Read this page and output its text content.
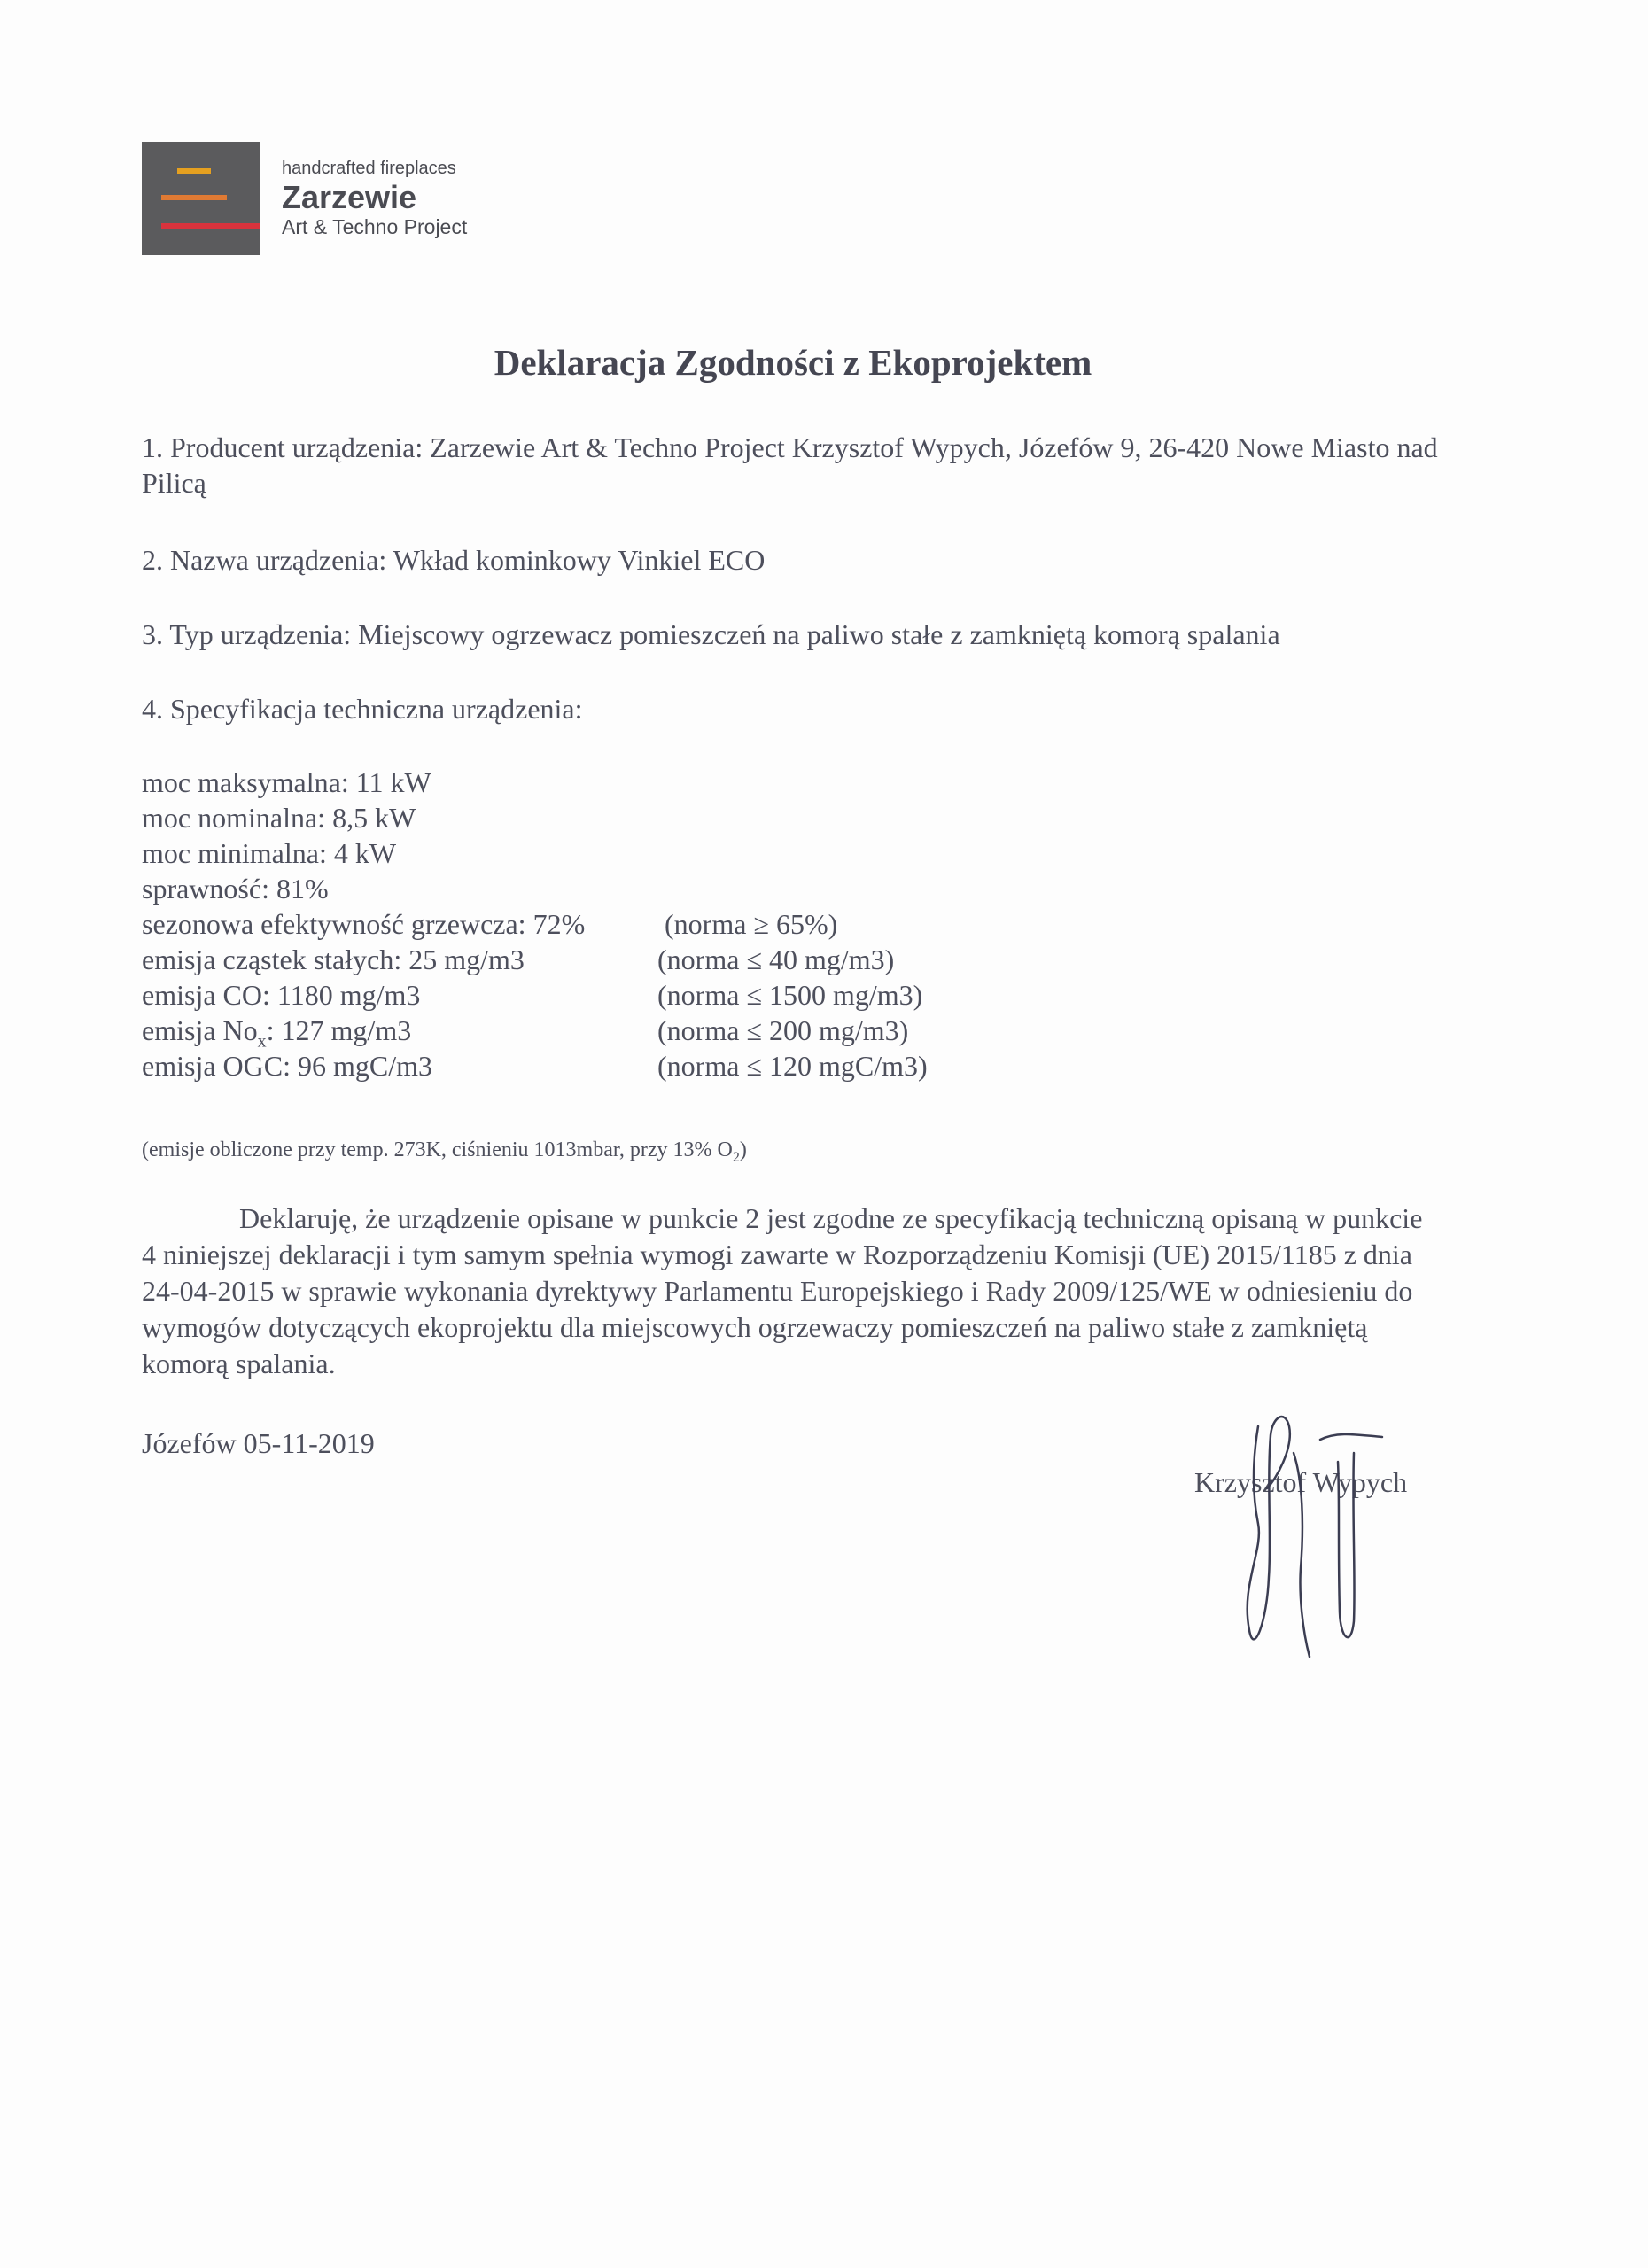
handcrafted fireplaces
Zarzewie
Art & Techno Project
Deklaracja Zgodności z Ekoprojektem

1. Producent urządzenia: Zarzewie Art & Techno Project Krzysztof Wypych, Józefów 9, 26-420 Nowe Miasto nad Pilicą

2. Nazwa urządzenia: Wkład kominkowy Vinkiel ECO

3. Typ urządzenia: Miejscowy ogrzewacz pomieszczeń na paliwo stałe z zamkniętą komorą spalania

4. Specyfikacja techniczna urządzenia:

moc maksymalna: 11 kW
moc nominalna: 8,5 kW
moc minimalna: 4 kW
sprawność: 81%
sezonowa efektywność grzewcza: 72%	(norma ≥ 65%)
emisja cząstek stałych: 25 mg/m3	(norma ≤ 40 mg/m3)
emisja CO: 1180 mg/m3	(norma ≤ 1500 mg/m3)
emisja $No_x$: 127 mg/m3	(norma ≤ 200 mg/m3)
emisja OGC: 96 mgC/m3	(norma ≤ 120 mgC/m3)

(emisje obliczone przy temp. 273K, ciśnieniu 1013mbar, przy 13% $O_2$)

Deklaruję, że urządzenie opisane w punkcie 2 jest zgodne ze specyfikacją techniczną opisaną w punkcie 4 niniejszej deklaracji i tym samym spełnia wymogi zawarte w Rozporządzeniu Komisji (UE) 2015/1185 z dnia 24-04-2015 w sprawie wykonania dyrektywy Parlamentu Europejskiego i Rady 2009/125/WE w odniesieniu do wymogów dotyczących ekoprojektu dla miejscowych ogrzewaczy pomieszczeń na paliwo stałe z zamkniętą komorą spalania.

Józefów 05-11-2019

Krzysztof Wypych
